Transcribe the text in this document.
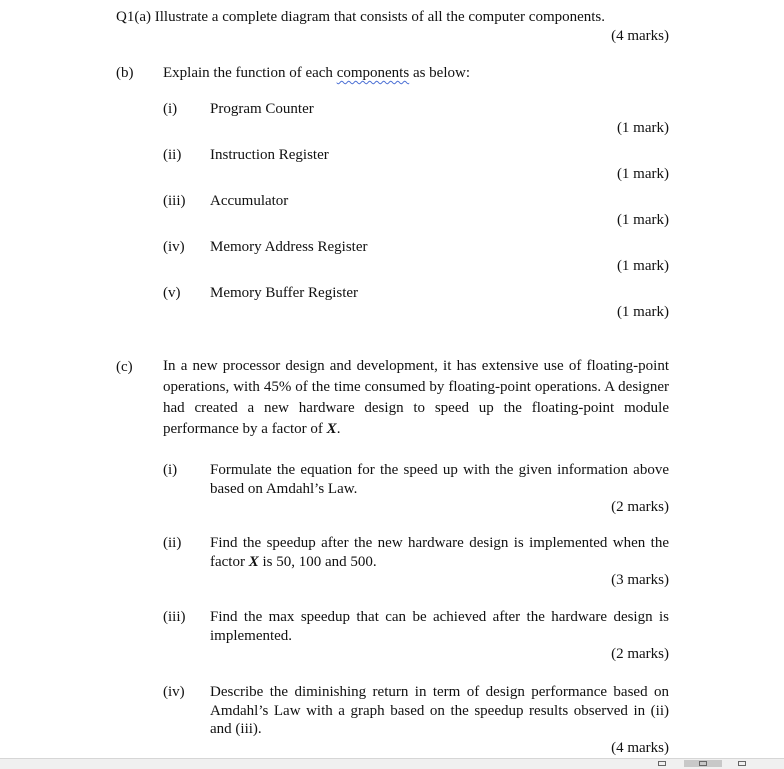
Q1(a) Illustrate a complete diagram that consists of all the computer components.
(4 marks)
(b) Explain the function of each components as below:
(i) Program Counter
(1 mark)
(ii) Instruction Register
(1 mark)
(iii) Accumulator
(1 mark)
(iv) Memory Address Register
(1 mark)
(v) Memory Buffer Register
(1 mark)
(c) In a new processor design and development, it has extensive use of floating-point operations, with 45% of the time consumed by floating-point operations. A designer had created a new hardware design to speed up the floating-point module performance by a factor of X.
(i) Formulate the equation for the speed up with the given information above based on Amdahl’s Law.
(2 marks)
(ii) Find the speedup after the new hardware design is implemented when the factor X is 50, 100 and 500.
(3 marks)
(iii) Find the max speedup that can be achieved after the hardware design is implemented.
(2 marks)
(iv) Describe the diminishing return in term of design performance based on Amdahl’s Law with a graph based on the speedup results observed in (ii) and (iii).
(4 marks)
